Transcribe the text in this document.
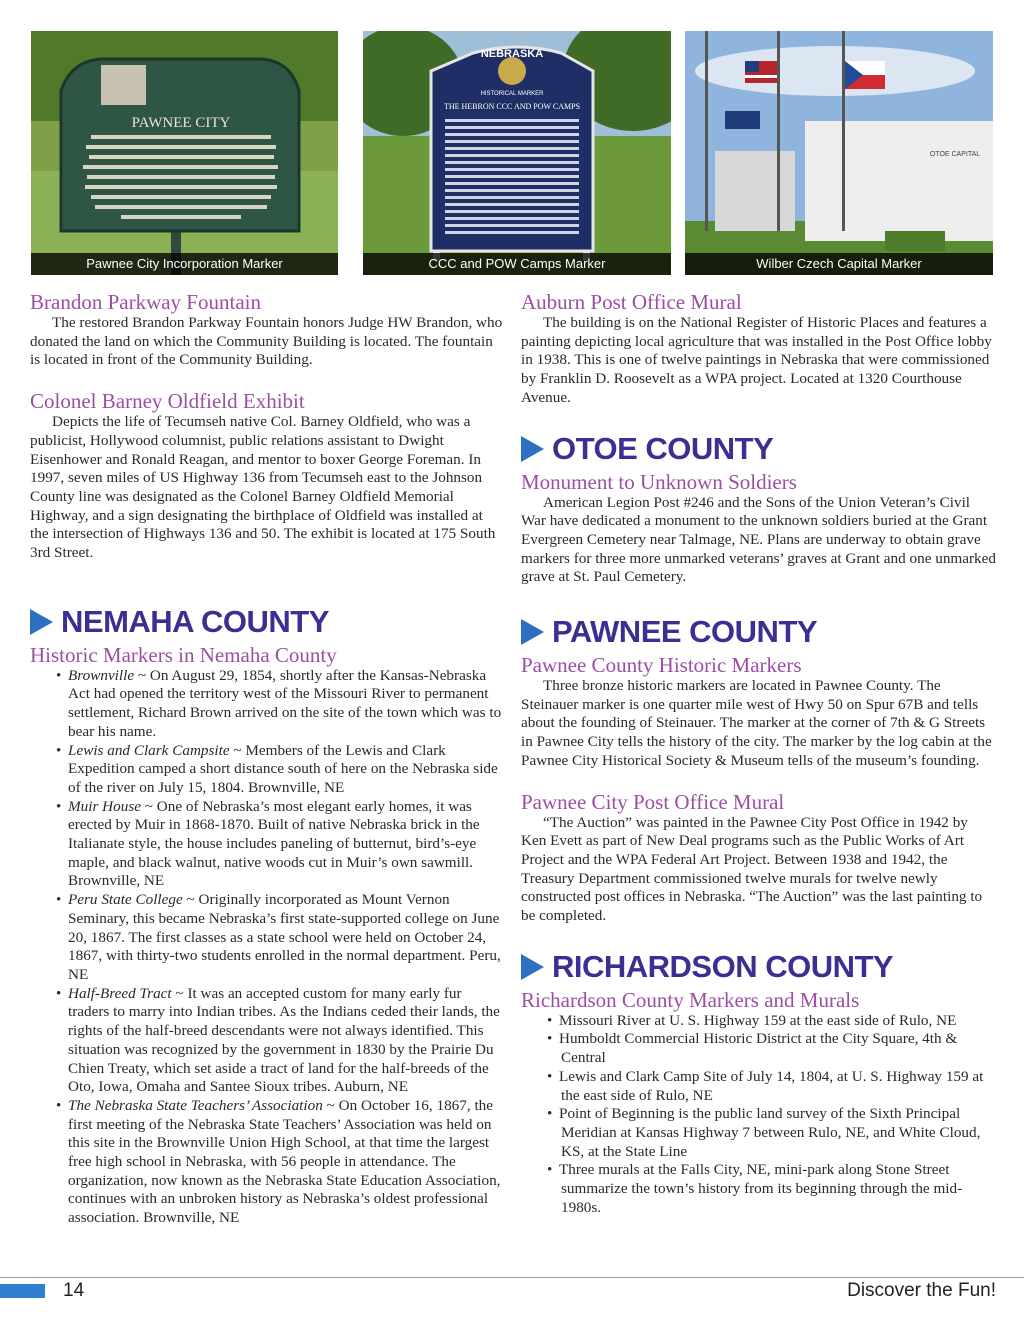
PAWNEE CITY
Pawnee City Incorporation Marker
NEBRASKA
HISTORICAL MARKER
THE HEBRON CCC AND POW CAMPS
CCC and POW Camps Marker
OTOE CAPITAL
Wilber Czech Capital Marker
Brandon Parkway Fountain

The restored Brandon Parkway Fountain honors Judge HW Brandon, who donated the land on which the Community Building is located. The fountain is located in front of the Community Building.

Colonel Barney Oldfield Exhibit

Depicts the life of Tecumseh native Col. Barney Oldfield, who was a publicist, Hollywood columnist, public relations assistant to Dwight Eisenhower and Ronald Reagan, and mentor to boxer George Foreman. In 1997, seven miles of US Highway 136 from Tecumseh east to the Johnson County line was designated as the Colonel Barney Oldfield Memorial Highway, and a sign designating the birthplace of Oldfield was installed at the intersection of Highways 136 and 50. The exhibit is located at 175 South 3rd Street.

NEMAHA COUNTY
Historic Markers in Nemaha County
• Brownville ~ On August 29, 1854, shortly after the Kansas-Nebraska Act had opened the territory west of the Missouri River to permanent settlement, Richard Brown arrived on the site of the town which was to bear his name.
• Lewis and Clark Campsite ~ Members of the Lewis and Clark Expedition camped a short distance south of here on the Nebraska side of the river on July 15, 1804. Brownville, NE
• Muir House ~ One of Nebraska’s most elegant early homes, it was erected by Muir in 1868-1870. Built of native Nebraska brick in the Italianate style, the house includes paneling of butternut, bird’s-eye maple, and black walnut, native woods cut in Muir’s own sawmill. Brownville, NE
• Peru State College ~ Originally incorporated as Mount Vernon Seminary, this became Nebraska’s first state-supported college on June 20, 1867. The first classes as a state school were held on October 24, 1867, with thirty-two students enrolled in the normal department. Peru, NE
• Half-Breed Tract ~ It was an accepted custom for many early fur traders to marry into Indian tribes. As the Indians ceded their lands, the rights of the half-breed descendants were not always identified. This situation was recognized by the government in 1830 by the Prairie Du Chien Treaty, which set aside a tract of land for the half-breeds of the Oto, Iowa, Omaha and Santee Sioux tribes. Auburn, NE
• The Nebraska State Teachers’ Association ~ On October 16, 1867, the first meeting of the Nebraska State Teachers’ Association was held on this site in the Brownville Union High School, at that time the largest free high school in Nebraska, with 56 people in attendance. The organization, now known as the Nebraska State Education Association, continues with an unbroken history as Nebraska’s oldest professional association. Brownville, NE
Auburn Post Office Mural

The building is on the National Register of Historic Places and features a painting depicting local agriculture that was installed in the Post Office lobby in 1938. This is one of twelve paintings in Nebraska that were commissioned by Franklin D. Roosevelt as a WPA project. Located at 1320 Courthouse Avenue.

OTOE COUNTY
Monument to Unknown Soldiers

American Legion Post #246 and the Sons of the Union Veteran’s Civil War have dedicated a monument to the unknown soldiers buried at the Grant Evergreen Cemetery near Talmage, NE. Plans are underway to obtain grave markers for three more unmarked veterans’ graves at Grant and one unmarked grave at St. Paul Cemetery.

PAWNEE COUNTY
Pawnee County Historic Markers

Three bronze historic markers are located in Pawnee County. The Steinauer marker is one quarter mile west of Hwy 50 on Spur 67B and tells about the founding of Steinauer. The marker at the corner of 7th & G Streets in Pawnee City tells the history of the city. The marker by the log cabin at the Pawnee City Historical Society & Museum tells of the museum’s founding.

Pawnee City Post Office Mural

“The Auction” was painted in the Pawnee City Post Office in 1942 by Ken Evett as part of New Deal programs such as the Public Works of Art Project and the WPA Federal Art Project. Between 1938 and 1942, the Treasury Department commissioned twelve murals for twelve newly constructed post offices in Nebraska. “The Auction” was the last painting to be completed.

RICHARDSON COUNTY
Richardson County Markers and Murals
• Missouri River at U. S. Highway 159 at the east side of Rulo, NE
• Humboldt Commercial Historic District at the City Square, 4th & Central
• Lewis and Clark Camp Site of July 14, 1804, at U. S. Highway 159 at the east side of Rulo, NE
• Point of Beginning is the public land survey of the Sixth Principal Meridian at Kansas Highway 7 between Rulo, NE, and White Cloud, KS, at the State Line
• Three murals at the Falls City, NE, mini-park along Stone Street summarize the town’s history from its beginning through the mid-1980s.
14	Discover the Fun!
